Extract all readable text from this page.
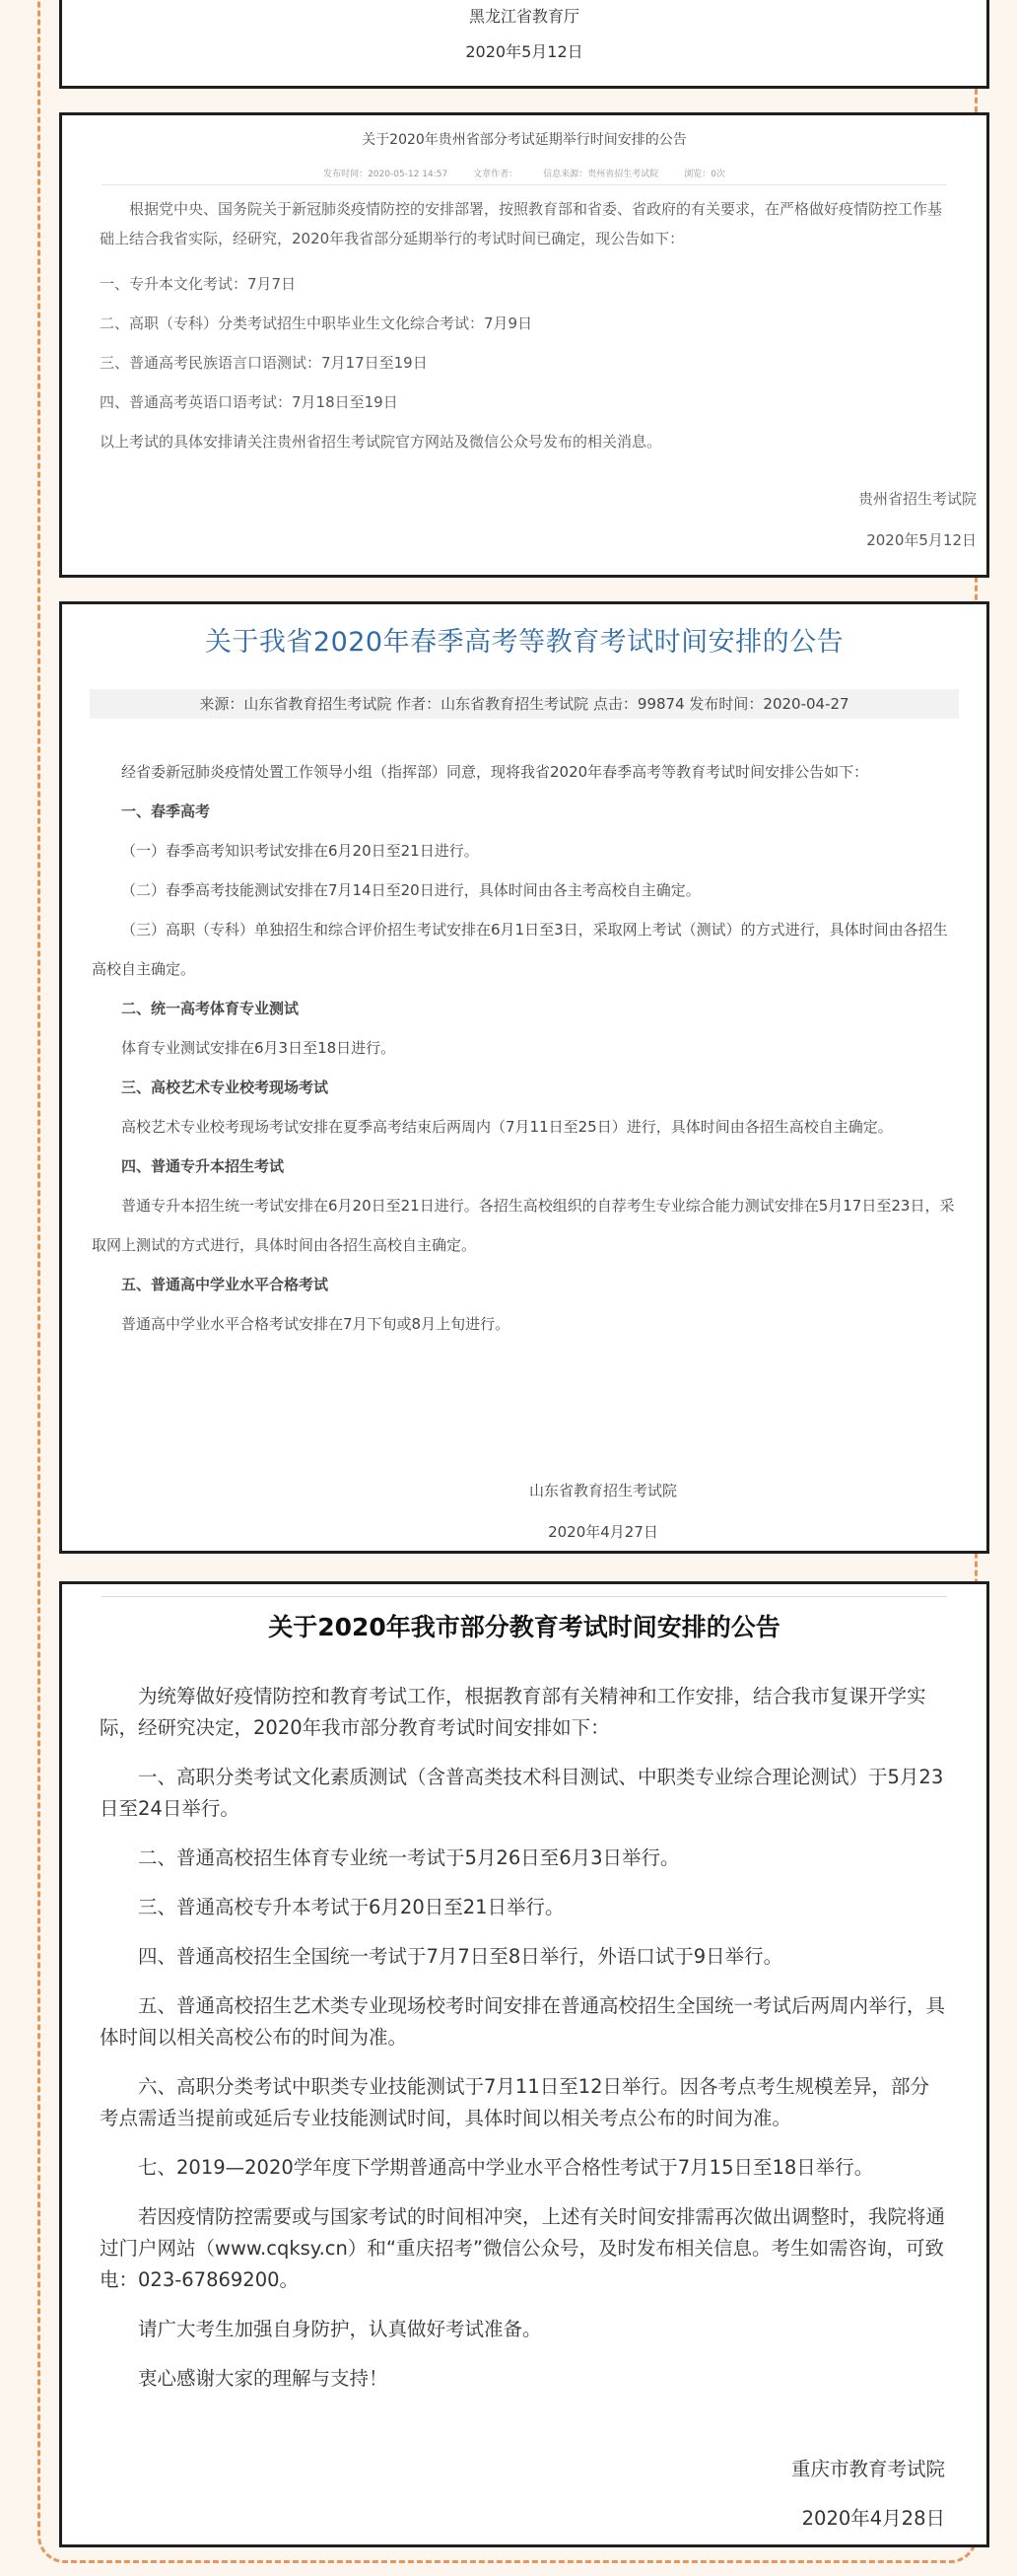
黑龙江省教育厅
2020年5月12日
关于2020年贵州省部分考试延期举行时间安排的公告
发布时间：2020-05-12 14:57	文章作者：	信息来源：贵州省招生考试院	浏览：0次

根据党中央、国务院关于新冠肺炎疫情防控的安排部署，按照教育部和省委、省政府的有关要求，在严格做好疫情防控工作基础上结合我省实际，经研究，2020年我省部分延期举行的考试时间已确定，现公告如下：

一、专升本文化考试：7月7日

二、高职（专科）分类考试招生中职毕业生文化综合考试：7月9日

三、普通高考民族语言口语测试：7月17日至19日

四、普通高考英语口语考试：7月18日至19日

以上考试的具体安排请关注贵州省招生考试院官方网站及微信公众号发布的相关消息。

贵州省招生考试院
2020年5月12日
关于我省2020年春季高考等教育考试时间安排的公告
来源：山东省教育招生考试院 作者：山东省教育招生考试院 点击：99874 发布时间：2020-04-27

经省委新冠肺炎疫情处置工作领导小组（指挥部）同意，现将我省2020年春季高考等教育考试时间安排公告如下：

一、春季高考

（一）春季高考知识考试安排在6月20日至21日进行。

（二）春季高考技能测试安排在7月14日至20日进行，具体时间由各主考高校自主确定。

（三）高职（专科）单独招生和综合评价招生考试安排在6月1日至3日，采取网上考试（测试）的方式进行，具体时间由各招生高校自主确定。

二、统一高考体育专业测试

体育专业测试安排在6月3日至18日进行。

三、高校艺术专业校考现场考试

高校艺术专业校考现场考试安排在夏季高考结束后两周内（7月11日至25日）进行，具体时间由各招生高校自主确定。

四、普通专升本招生考试

普通专升本招生统一考试安排在6月20日至21日进行。各招生高校组织的自荐考生专业综合能力测试安排在5月17日至23日，采取网上测试的方式进行，具体时间由各招生高校自主确定。

五、普通高中学业水平合格考试

普通高中学业水平合格考试安排在7月下旬或8月上旬进行。

山东省教育招生考试院
2020年4月27日
关于2020年我市部分教育考试时间安排的公告

为统筹做好疫情防控和教育考试工作，根据教育部有关精神和工作安排，结合我市复课开学实际，经研究决定，2020年我市部分教育考试时间安排如下：

一、高职分类考试文化素质测试（含普高类技术科目测试、中职类专业综合理论测试）于5月23日至24日举行。

二、普通高校招生体育专业统一考试于5月26日至6月3日举行。

三、普通高校专升本考试于6月20日至21日举行。

四、普通高校招生全国统一考试于7月7日至8日举行，外语口试于9日举行。

五、普通高校招生艺术类专业现场校考时间安排在普通高校招生全国统一考试后两周内举行，具体时间以相关高校公布的时间为准。

六、高职分类考试中职类专业技能测试于7月11日至12日举行。因各考点考生规模差异，部分考点需适当提前或延后专业技能测试时间，具体时间以相关考点公布的时间为准。

七、2019—2020学年度下学期普通高中学业水平合格性考试于7月15日至18日举行。

若因疫情防控需要或与国家考试的时间相冲突，上述有关时间安排需再次做出调整时，我院将通过门户网站（www.cqksy.cn）和“重庆招考”微信公众号，及时发布相关信息。考生如需咨询，可致电：023-67869200。

请广大考生加强自身防护，认真做好考试准备。

衷心感谢大家的理解与支持！

重庆市教育考试院
2020年4月28日
